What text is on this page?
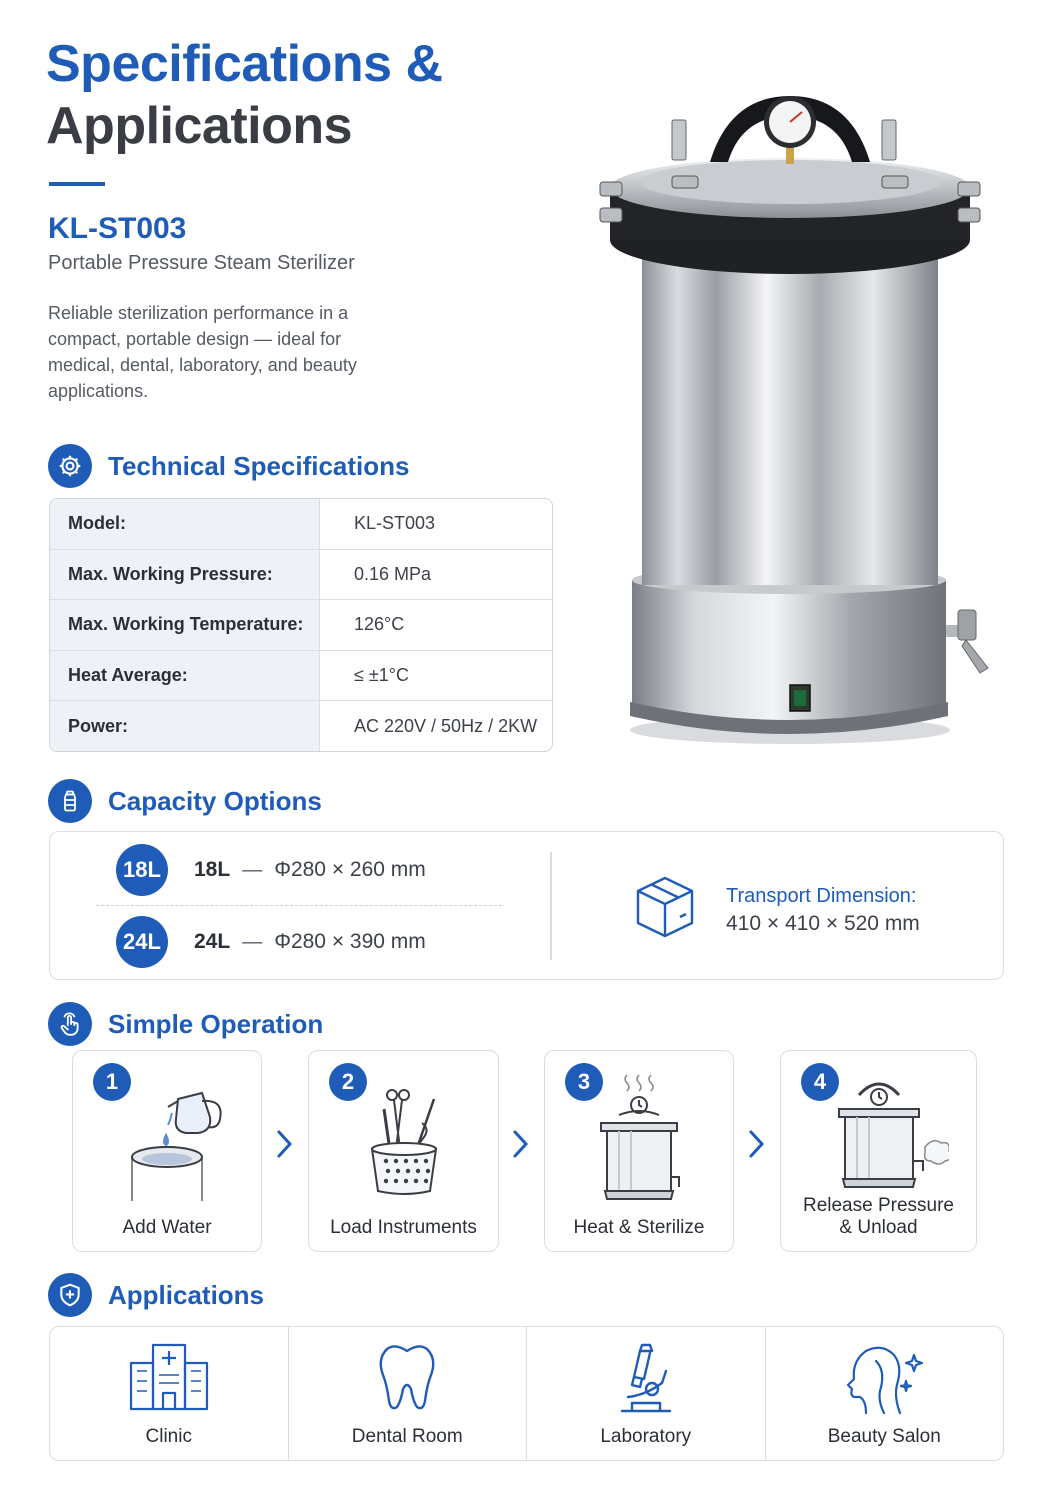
Specifications &
Applications
KL-ST003
Portable Pressure Steam Sterilizer
Reliable sterilization performance in a compact, portable design — ideal for medical, dental, laboratory, and beauty applications.
Technical Specifications
Model:	KL-ST003
Max. Working Pressure:	0.16 MPa
Max. Working Temperature:	126°C
Heat Average:	≤ ±1°C
Power:	AC 220V / 50Hz / 2KW
Capacity Options
18L	18L — Φ280 × 260 mm
24L	24L — Φ280 × 390 mm
Transport Dimension:
410 × 410 × 520 mm
Simple Operation
1
Add Water
2
Load Instruments
3
Heat & Sterilize
4
Release Pressure
& Unload
Applications
Clinic	Dental Room	Laboratory	Beauty Salon
